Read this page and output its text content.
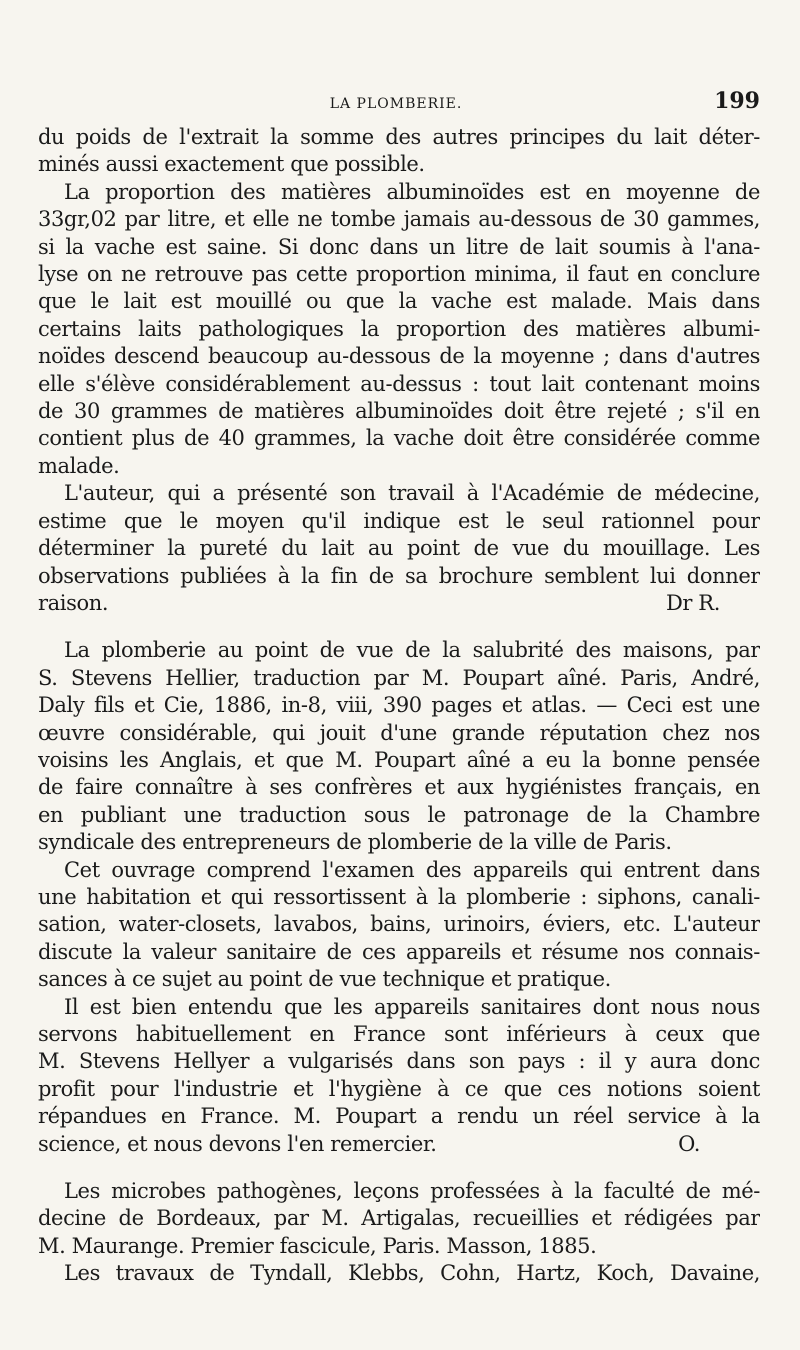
LA PLOMBERIE.	199
du poids de l'extrait la somme des autres principes du lait déter-
minés aussi exactement que possible.
La proportion des matières albuminoïdes est en moyenne de
33gr,02 par litre, et elle ne tombe jamais au-dessous de 30 gammes,
si la vache est saine. Si donc dans un litre de lait soumis à l'ana-
lyse on ne retrouve pas cette proportion minima, il faut en conclure
que le lait est mouillé ou que la vache est malade. Mais dans
certains laits pathologiques la proportion des matières albumi-
noïdes descend beaucoup au-dessous de la moyenne ; dans d'autres
elle s'élève considérablement au-dessus : tout lait contenant moins
de 30 grammes de matières albuminoïdes doit être rejeté ; s'il en
contient plus de 40 grammes, la vache doit être considérée comme
malade.
L'auteur, qui a présenté son travail à l'Académie de médecine,
estime que le moyen qu'il indique est le seul rationnel pour
déterminer la pureté du lait au point de vue du mouillage. Les
observations publiées à la fin de sa brochure semblent lui donner
raison.	Dr R.
La plomberie au point de vue de la salubrité des maisons, par
S. Stevens Hellier, traduction par M. Poupart aîné. Paris, André,
Daly fils et Cie, 1886, in-8, viii, 390 pages et atlas. — Ceci est une
œuvre considérable, qui jouit d'une grande réputation chez nos
voisins les Anglais, et que M. Poupart aîné a eu la bonne pensée
de faire connaître à ses confrères et aux hygiénistes français, en
en publiant une traduction sous le patronage de la Chambre
syndicale des entrepreneurs de plomberie de la ville de Paris.
Cet ouvrage comprend l'examen des appareils qui entrent dans
une habitation et qui ressortissent à la plomberie : siphons, canali-
sation, water-closets, lavabos, bains, urinoirs, éviers, etc. L'auteur
discute la valeur sanitaire de ces appareils et résume nos connais-
sances à ce sujet au point de vue technique et pratique.
Il est bien entendu que les appareils sanitaires dont nous nous
servons habituellement en France sont inférieurs à ceux que
M. Stevens Hellyer a vulgarisés dans son pays : il y aura donc
profit pour l'industrie et l'hygiène à ce que ces notions soient
répandues en France. M. Poupart a rendu un réel service à la
science, et nous devons l'en remercier.	O.
Les microbes pathogènes, leçons professées à la faculté de mé-
decine de Bordeaux, par M. Artigalas, recueillies et rédigées par
M. Maurange. Premier fascicule, Paris. Masson, 1885.
Les travaux de Tyndall, Klebbs, Cohn, Hartz, Koch, Davaine,
